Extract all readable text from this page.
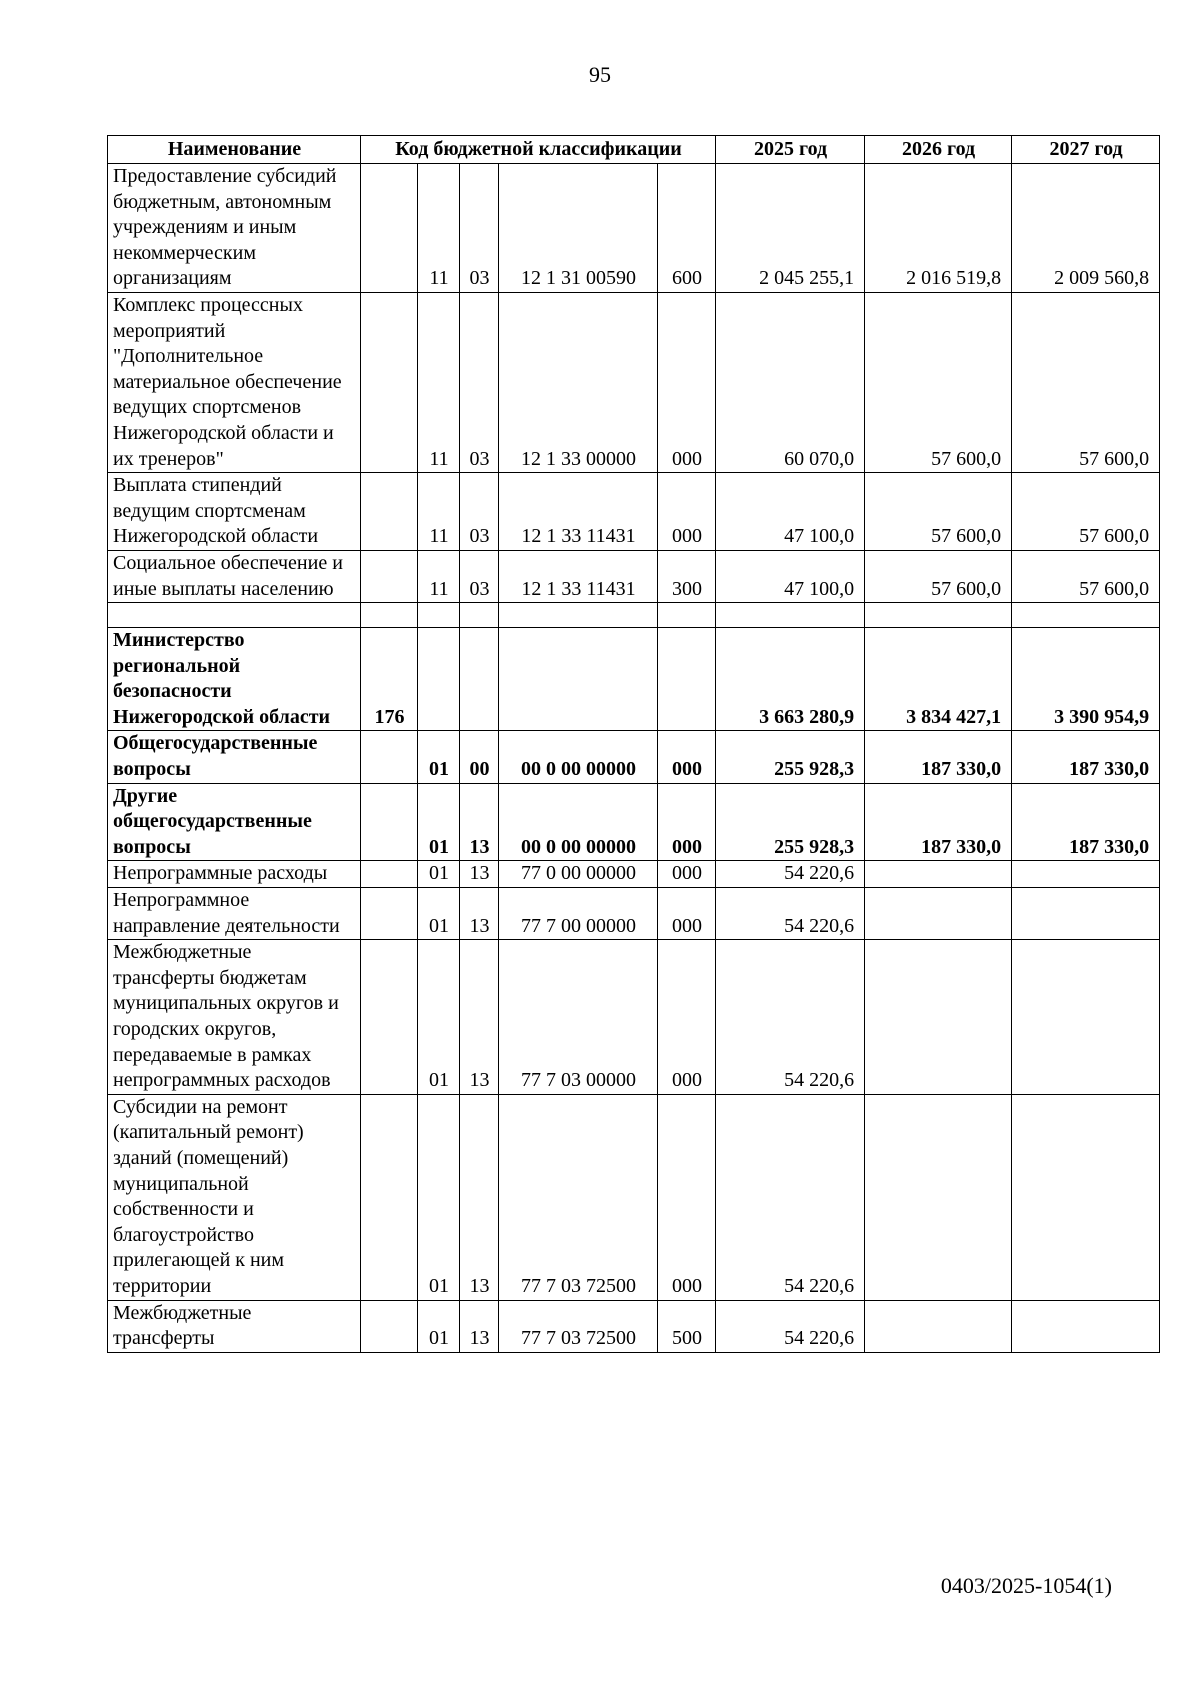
95
Наименование	Код бюджетной классификации					2025 год	2026 год	2027 год
Предоставление субсидий бюджетным, автономным учреждениям и иным некоммерческим организациям		11	03	12 1 31 00590	600	2 045 255,1	2 016 519,8	2 009 560,8
Комплекс процессных мероприятий "Дополнительное материальное обеспечение ведущих спортсменов Нижегородской области и их тренеров"		11	03	12 1 33 00000	000	60 070,0	57 600,0	57 600,0
Выплата стипендий ведущим спортсменам Нижегородской области		11	03	12 1 33 11431	000	47 100,0	57 600,0	57 600,0
Социальное обеспечение и иные выплаты населению		11	03	12 1 33 11431	300	47 100,0	57 600,0	57 600,0

Министерство региональной безопасности Нижегородской области	176					3 663 280,9	3 834 427,1	3 390 954,9
Общегосударственные вопросы		01	00	00 0 00 00000	000	255 928,3	187 330,0	187 330,0
Другие общегосударственные вопросы		01	13	00 0 00 00000	000	255 928,3	187 330,0	187 330,0
Непрограммные расходы		01	13	77 0 00 00000	000	54 220,6		
Непрограммное направление деятельности		01	13	77 7 00 00000	000	54 220,6		
Межбюджетные трансферты бюджетам муниципальных округов и городских округов, передаваемые в рамках непрограммных расходов		01	13	77 7 03 00000	000	54 220,6		
Субсидии на ремонт (капитальный ремонт) зданий (помещений) муниципальной собственности и благоустройство прилегающей к ним территории		01	13	77 7 03 72500	000	54 220,6		
Межбюджетные трансферты		01	13	77 7 03 72500	500	54 220,6		
0403/2025-1054(1)
